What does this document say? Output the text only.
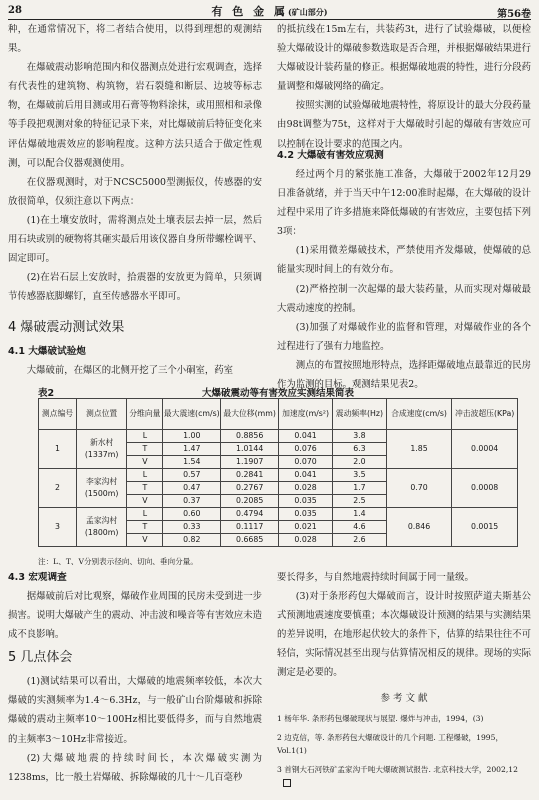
28	有 色 金 属(矿山部分)	第56卷

种，在通常情况下，将二者结合使用，以得到理想的观测结果。

在爆破震动影响范围内和仪器测点处进行宏观调查，选择有代表性的建筑物、构筑物，岩石裂缝和断层、边坡等标志物，在爆破前后用目测或用石膏等物料涂抹，或用照相和录像等手段把观测对象的特征记录下来，对比爆破前后特征变化来评估爆破地震效应的影响程度。这种方法只适合于做定性观测，可以配合仪器观测使用。

在仪器观测时，对于NCSC5000型测振仪，传感器的安放很简单，仅须注意以下两点：

(1)在土壤安放时，需将测点处土壤表层去掉一层，然后用石块或别的硬物将其砸实最后用该仪器自身所带螺栓调平、固定即可。

(2)在岩石层上安放时，拾震器的安放更为简单，只须调节传感器底脚螺钉，直至传感器水平即可。

4 爆破震动测试效果
4.1 大爆破试验炮

大爆破前，在爆区的北侧开挖了三个小硐室，药室

的抵抗线在15m左右，共装药3t，进行了试验爆破，以便检验大爆破设计的爆破参数选取是否合理，并根据爆破结果进行大爆破设计装药量的修正。根据爆破地震的特性，进行分段药量调整和爆破网络的确定。

按照实测的试验爆破地震特性，将原设计的最大分段药量由98t调整为75t，这样对于大爆破时引起的爆破有害效应可以控制在设计要求的范围之内。

4.2 大爆破有害效应观测

经过两个月的紧张施工准备，大爆破于2002年12月29日准备就绪，并于当天中午12:00准时起爆，在大爆破的设计过程中采用了许多措施来降低爆破的有害效应，主要包括下列3项：

(1)采用微差爆破技术，严禁使用齐发爆破，使爆破的总能量实现时间上的有效分布。

(2)严格控制一次起爆的最大装药量，从而实现对爆破最大震动速度的控制。

(3)加强了对爆破作业的监督和管理，对爆破作业的各个过程进行了强有力地监控。

测点的布置按照地形特点，选择距爆破地点最靠近的民房作为监测的目标。观测结果见表2。

表2	大爆破震动等有害效应实测结果简表
测点编号	测点位置	分维向量	最大震速(cm/s)	最大位移(mm)	加速度(m/s²)	震动频率(Hz)	合成速度(cm/s)	冲击波超压(KPa)
1	新水村(1337m)	L	1.00	0.8856	0.041	3.8	1.85	0.0004
		T	1.47	1.0144	0.076	6.3		
		V	1.54	1.1907	0.070	2.0		
2	李家沟村(1500m)	L	0.57	0.2841	0.041	3.5	0.70	0.0008
		T	0.47	0.2767	0.028	1.7		
		V	0.37	0.2085	0.035	2.5		
3	孟家沟村(1800m)	L	0.60	0.4794	0.035	1.4	0.846	0.0015
		T	0.33	0.1117	0.021	4.6		
		V	0.82	0.6685	0.028	2.6		
注：L、T、V分别表示径向、切向、垂向分量。
4.3 宏观调查

据爆破前后对比观察，爆破作业周围的民房未受到进一步损害。说明大爆破产生的震动、冲击波和噪音等有害效应未造成不良影响。

5 几点体会

(1)测试结果可以看出，大爆破的地震频率较低，本次大爆破的实测频率为1.4～6.3Hz，与一般矿山台阶爆破和拆除爆破的震动主频率10～100Hz相比要低得多，而与自然地震的主频率3～10Hz非常接近。

(2)大爆破地震的持续时间长，本次爆破实测为1238ms，比一般土岩爆破、拆除爆破的几十～几百毫秒

要长得多，与自然地震持续时间属于同一量级。

(3)对于条形药包大爆破而言，设计时按照萨道夫斯基公式预测地震速度要慎重；本次爆破设计预测的结果与实测结果的差异说明，在地形起伏较大的条件下，估算的结果往往不可轻信，实际情况甚至出现与估算情况相反的规律。现场的实际测定是必要的。

参 考 文 献
1 杨年华. 条形药包爆破现状与展望. 爆炸与冲击，1994，(3)
2 边克信，等. 条形药包大爆破设计的几个问题. 工程爆破，1995，Vol.1(1)
3 首钢大石河铁矿孟家沟千吨大爆破测试报告. 北京科技大学，2002,12
